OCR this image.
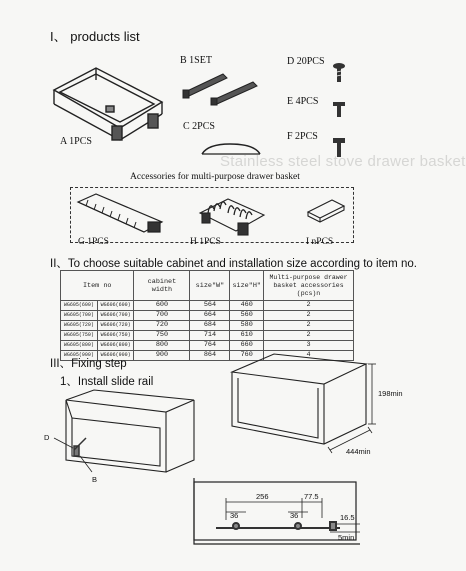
I、 products list
A 1PCS
B 1SET
C 2PCS
D 20PCS
E 4PCS
F 2PCS
Stainless steel stove drawer basket
Accessories for multi-purpose drawer basket
G 1PCS	H 1PCS	I nPCS
II、To choose suitable cabinet and installation size according to item no.
Item no		cabinet width	size"W"	size"H"	Multi-purpose drawer basket accessories (pcs)n
WG605(600)	WG606(600)	600	564	460	2
WG605(700)	WG606(700)	700	664	560	2
WG605(720)	WG606(720)	720	684	580	2
WG605(750)	WG606(750)	750	714	610	2
WG605(800)	WG606(800)	800	764	660	3
WG605(900)	WG606(900)	900	864	760	4
III、Fixing step
1、Install slide rail
D
B
198min
444min
256	77.5
36	36	16.5
5min
